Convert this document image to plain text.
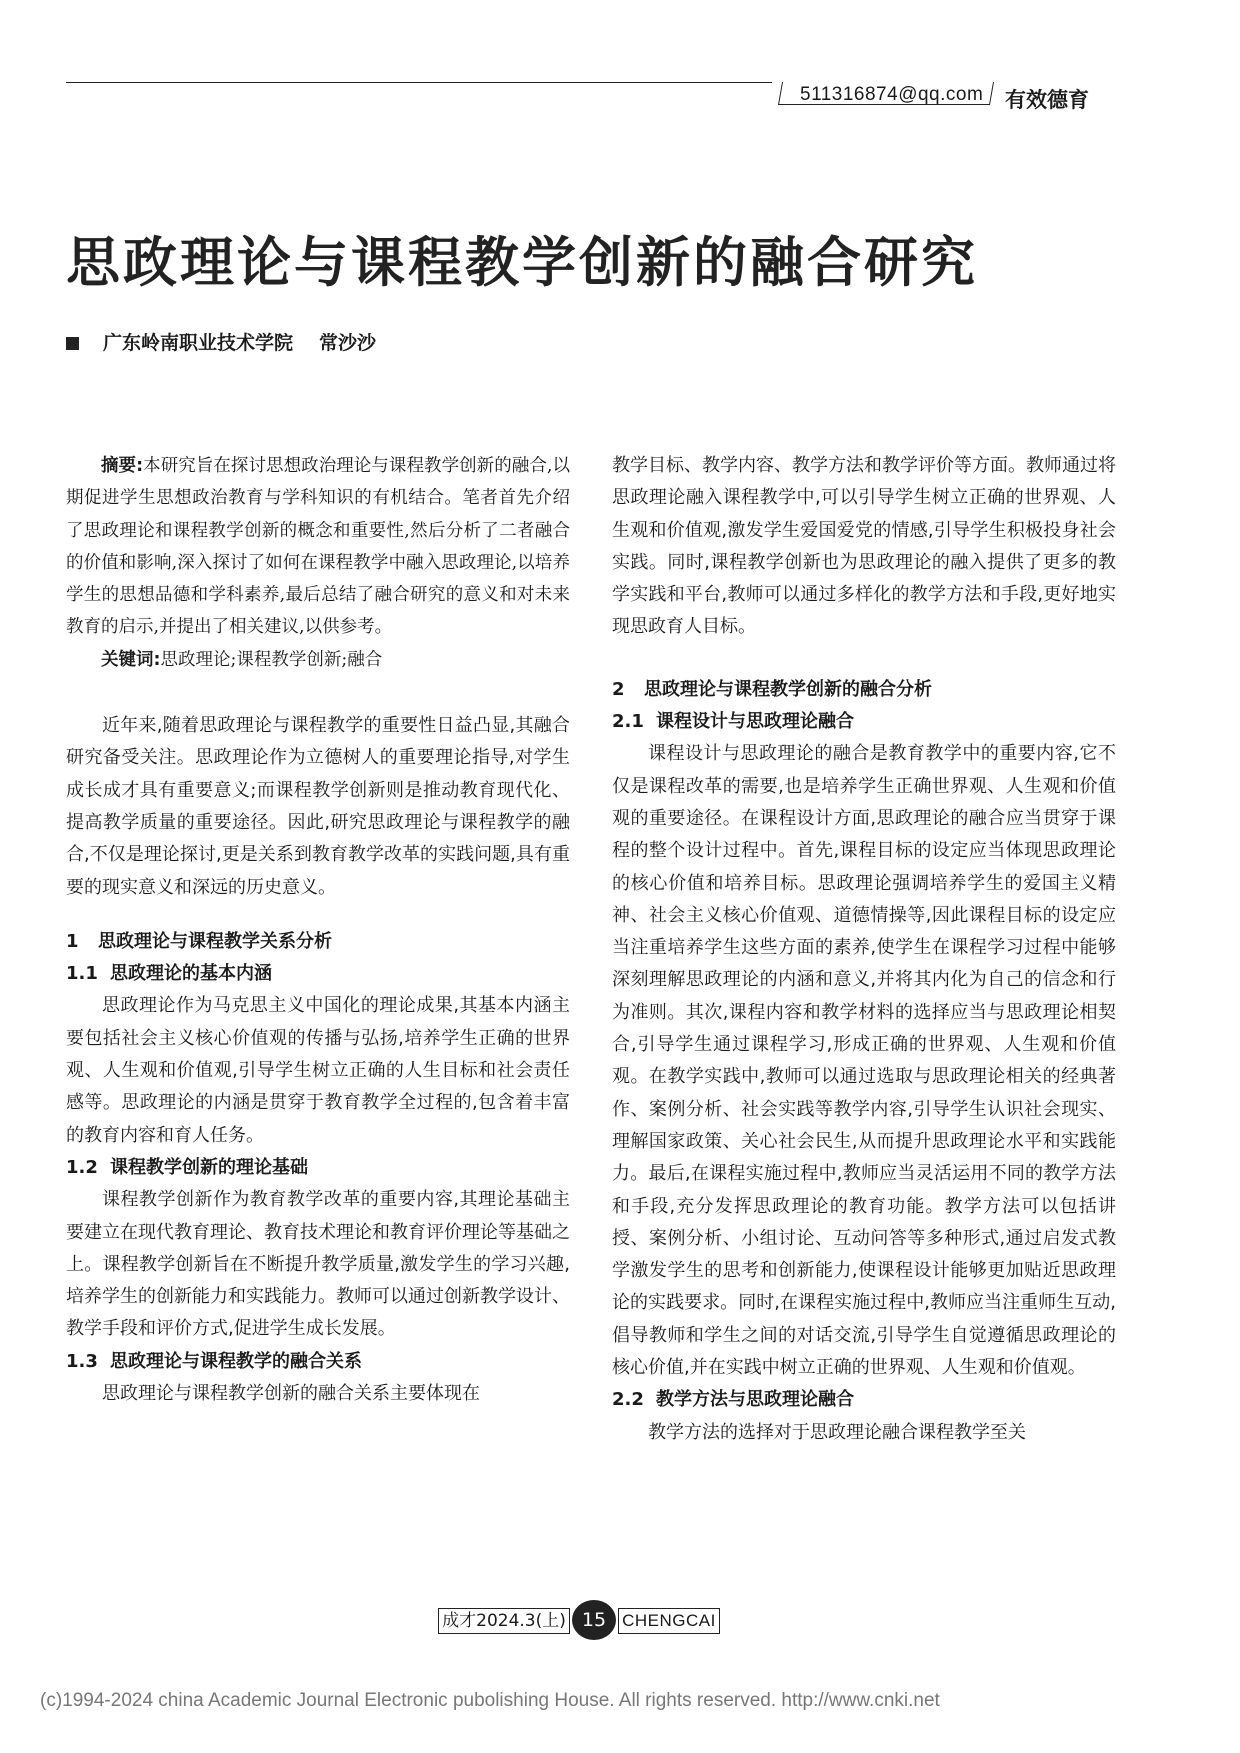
511316874@qq.com 有效德育
思政理论与课程教学创新的融合研究
广东岭南职业技术学院 常沙沙

摘要:本研究旨在探讨思想政治理论与课程教学创新的融合,以期促进学生思想政治教育与学科知识的有机结合。笔者首先介绍了思政理论和课程教学创新的概念和重要性,然后分析了二者融合的价值和影响,深入探讨了如何在课程教学中融入思政理论,以培养学生的思想品德和学科素养,最后总结了融合研究的意义和对未来教育的启示,并提出了相关建议,以供参考。

关键词:思政理论;课程教学创新;融合

近年来,随着思政理论与课程教学的重要性日益凸显,其融合研究备受关注。思政理论作为立德树人的重要理论指导,对学生成长成才具有重要意义;而课程教学创新则是推动教育现代化、提高教学质量的重要途径。因此,研究思政理论与课程教学的融合,不仅是理论探讨,更是关系到教育教学改革的实践问题,具有重要的现实意义和深远的历史意义。

1 思政理论与课程教学关系分析
1.1 思政理论的基本内涵

思政理论作为马克思主义中国化的理论成果,其基本内涵主要包括社会主义核心价值观的传播与弘扬,培养学生正确的世界观、人生观和价值观,引导学生树立正确的人生目标和社会责任感等。思政理论的内涵是贯穿于教育教学全过程的,包含着丰富的教育内容和育人任务。

1.2 课程教学创新的理论基础

课程教学创新作为教育教学改革的重要内容,其理论基础主要建立在现代教育理论、教育技术理论和教育评价理论等基础之上。课程教学创新旨在不断提升教学质量,激发学生的学习兴趣,培养学生的创新能力和实践能力。教师可以通过创新教学设计、教学手段和评价方式,促进学生成长发展。

1.3 思政理论与课程教学的融合关系

思政理论与课程教学创新的融合关系主要体现在

教学目标、教学内容、教学方法和教学评价等方面。教师通过将思政理论融入课程教学中,可以引导学生树立正确的世界观、人生观和价值观,激发学生爱国爱党的情感,引导学生积极投身社会实践。同时,课程教学创新也为思政理论的融入提供了更多的教学实践和平台,教师可以通过多样化的教学方法和手段,更好地实现思政育人目标。

2 思政理论与课程教学创新的融合分析
2.1 课程设计与思政理论融合

课程设计与思政理论的融合是教育教学中的重要内容,它不仅是课程改革的需要,也是培养学生正确世界观、人生观和价值观的重要途径。在课程设计方面,思政理论的融合应当贯穿于课程的整个设计过程中。首先,课程目标的设定应当体现思政理论的核心价值和培养目标。思政理论强调培养学生的爱国主义精神、社会主义核心价值观、道德情操等,因此课程目标的设定应当注重培养学生这些方面的素养,使学生在课程学习过程中能够深刻理解思政理论的内涵和意义,并将其内化为自己的信念和行为准则。其次,课程内容和教学材料的选择应当与思政理论相契合,引导学生通过课程学习,形成正确的世界观、人生观和价值观。在教学实践中,教师可以通过选取与思政理论相关的经典著作、案例分析、社会实践等教学内容,引导学生认识社会现实、理解国家政策、关心社会民生,从而提升思政理论水平和实践能力。最后,在课程实施过程中,教师应当灵活运用不同的教学方法和手段,充分发挥思政理论的教育功能。教学方法可以包括讲授、案例分析、小组讨论、互动问答等多种形式,通过启发式教学激发学生的思考和创新能力,使课程设计能够更加贴近思政理论的实践要求。同时,在课程实施过程中,教师应当注重师生互动,倡导教师和学生之间的对话交流,引导学生自觉遵循思政理论的核心价值,并在实践中树立正确的世界观、人生观和价值观。

2.2 教学方法与思政理论融合

教学方法的选择对于思政理论融合课程教学至关

成才2024.3(上) 15 CHENGCAI
(c)1994-2024 china Academic Journal Electronic pubolishing House. All rights reserved. http://www.cnki.net
